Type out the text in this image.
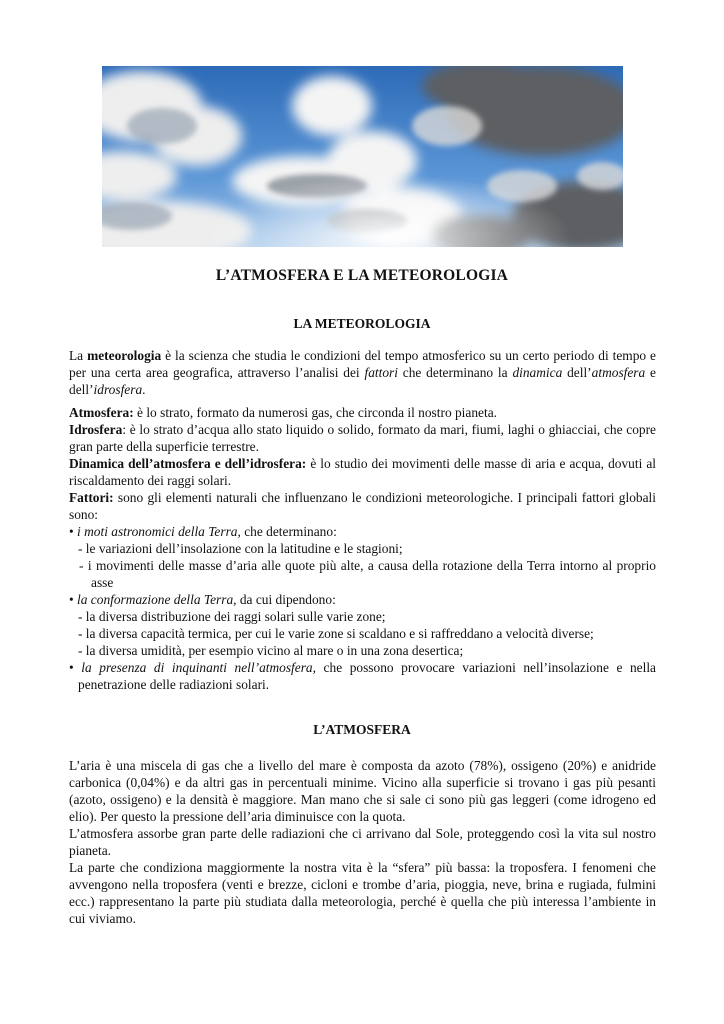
L’ATMOSFERA E LA METEOROLOGIA
LA METEOROLOGIA

La meteorologia è la scienza che studia le condizioni del tempo atmosferico su un certo periodo di tempo e per una certa area geografica, attraverso l’analisi dei fattori che determinano la dinamica dell’atmosfera e dell’idrosfera.

Atmosfera: è lo strato, formato da numerosi gas, che circonda il nostro pianeta.

Idrosfera: è lo strato d’acqua allo stato liquido o solido, formato da mari, fiumi, laghi o ghiacciai, che copre gran parte della superficie terrestre.

Dinamica dell’atmosfera e dell’idrosfera: è lo studio dei movimenti delle masse di aria e acqua, dovuti al riscaldamento dei raggi solari.

Fattori: sono gli elementi naturali che influenzano le condizioni meteorologiche. I principali fattori globali sono:

• i moti astronomici della Terra, che determinano:

- le variazioni dell’insolazione con la latitudine e le stagioni;

- i movimenti delle masse d’aria alle quote più alte, a causa della rotazione della Terra intorno al proprio asse

• la conformazione della Terra, da cui dipendono:

- la diversa distribuzione dei raggi solari sulle varie zone;

- la diversa capacità termica, per cui le varie zone si scaldano e si raffreddano a velocità diverse;

- la diversa umidità, per esempio vicino al mare o in una zona desertica;

• la presenza di inquinanti nell’atmosfera, che possono provocare variazioni nell’insolazione e nella penetrazione delle radiazioni solari.

L’ATMOSFERA

L’aria è una miscela di gas che a livello del mare è composta da azoto (78%), ossigeno (20%) e anidride carbonica (0,04%) e da altri gas in percentuali minime. Vicino alla superficie si trovano i gas più pesanti (azoto, ossigeno) e la densità è maggiore. Man mano che si sale ci sono più gas leggeri (come idrogeno ed elio). Per questo la pressione dell’aria diminuisce con la quota.

L’atmosfera assorbe gran parte delle radiazioni che ci arrivano dal Sole, proteggendo così la vita sul nostro pianeta.

La parte che condiziona maggiormente la nostra vita è la “sfera” più bassa: la troposfera. I fenomeni che avvengono nella troposfera (venti e brezze, cicloni e trombe d’aria, pioggia, neve, brina e rugiada, fulmini ecc.) rappresentano la parte più studiata dalla meteorologia, perché è quella che più interessa l’ambiente in cui viviamo.
